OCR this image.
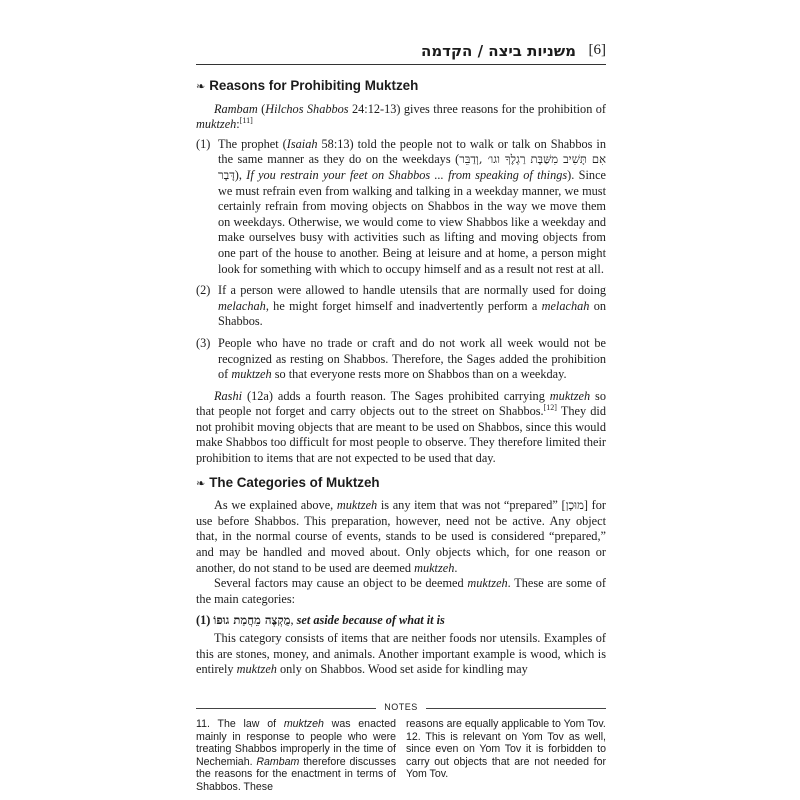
משניות ביצה / הקדמה [6]
❧ Reasons for Prohibiting Muktzeh

Rambam (Hilchos Shabbos 24:12-13) gives three reasons for the prohibition of muktzeh:[11]

(1) The prophet (Isaiah 58:13) told the people not to walk or talk on Shabbos in the same manner as they do on the weekdays (אִם תָּשִׁיב מִשַּׁבָּת רַגְלֶךָ וגו׳ ,וְדַבֵּר דָּבָר), If you restrain your feet on Shabbos ... from speaking of things). Since we must refrain even from walking and talking in a weekday manner, we must certainly refrain from moving objects on Shabbos in the way we move them on weekdays. Otherwise, we would come to view Shabbos like a weekday and make ourselves busy with activities such as lifting and moving objects from one part of the house to another. Being at leisure and at home, a person might look for something with which to occupy himself and as a result not rest at all.
(2) If a person were allowed to handle utensils that are normally used for doing melachah, he might forget himself and inadvertently perform a melachah on Shabbos.
(3) People who have no trade or craft and do not work all week would not be recognized as resting on Shabbos. Therefore, the Sages added the prohibition of muktzeh so that everyone rests more on Shabbos than on a weekday.

Rashi (12a) adds a fourth reason. The Sages prohibited carrying muktzeh so that people not forget and carry objects out to the street on Shabbos.[12] They did not prohibit moving objects that are meant to be used on Shabbos, since this would make Shabbos too difficult for most people to observe. They therefore limited their prohibition to items that are not expected to be used that day.

❧ The Categories of Muktzeh

As we explained above, muktzeh is any item that was not “prepared” [מוּכָן] for use before Shabbos. This preparation, however, need not be active. Any object that, in the normal course of events, stands to be used is considered “prepared,” and may be handled and moved about. Only objects which, for one reason or another, do not stand to be used are deemed muktzeh.

Several factors may cause an object to be deemed muktzeh. These are some of the main categories:

(1) מֻקְצֶה מֵחֲמַת גוּפוֹ, set aside because of what it is

This category consists of items that are neither foods nor utensils. Examples of this are stones, money, and animals. Another important example is wood, which is entirely muktzeh only on Shabbos. Wood set aside for kindling may

NOTES
11. The law of muktzeh was enacted mainly in response to people who were treating Shabbos improperly in the time of Nechemiah. Rambam therefore discusses the reasons for the enactment in terms of Shabbos. These

reasons are equally applicable to Yom Tov.

12. This is relevant on Yom Tov as well, since even on Yom Tov it is forbidden to carry out objects that are not needed for Yom Tov.
